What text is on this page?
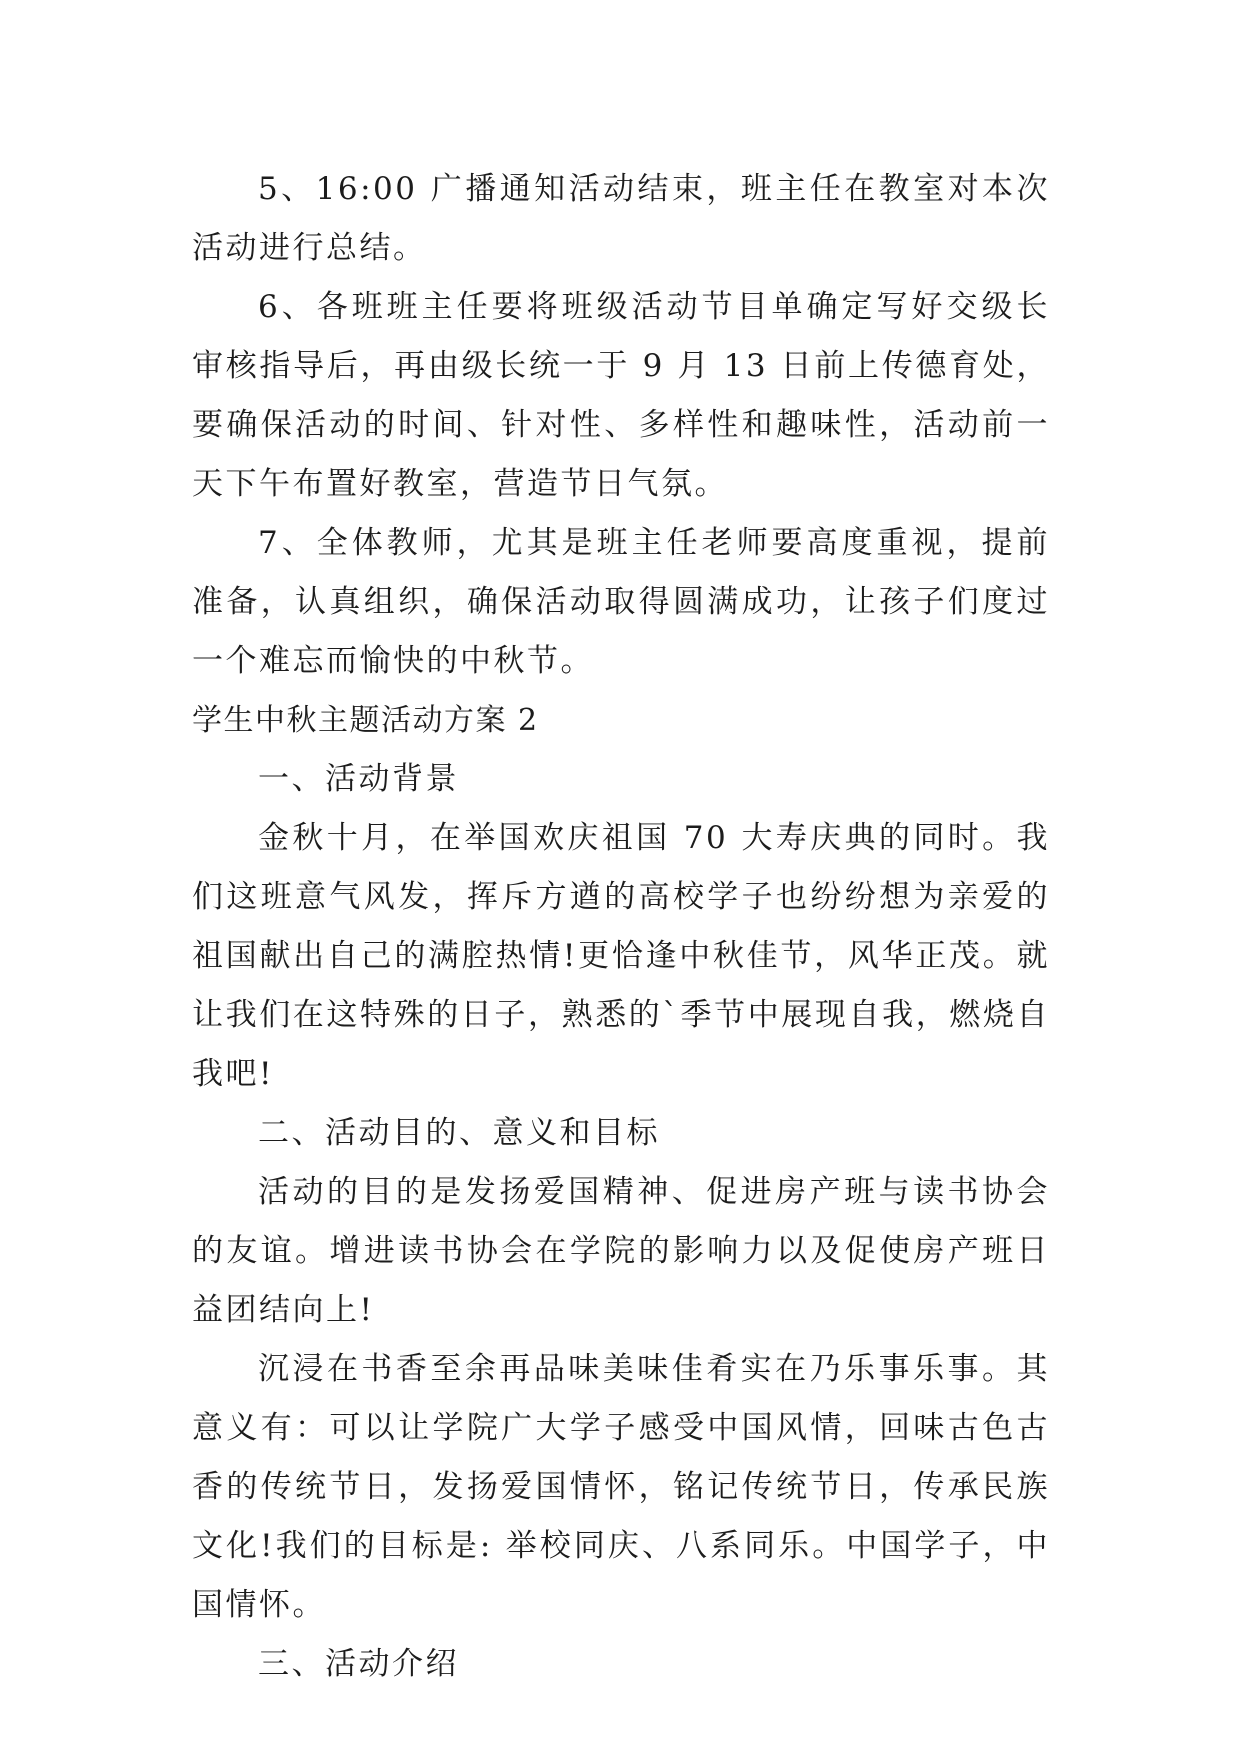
5、16:00 广播通知活动结束，班主任在教室对本次活动进行总结。

6、各班班主任要将班级活动节目单确定写好交级长审核指导后，再由级长统一于 9 月 13 日前上传德育处，要确保活动的时间、针对性、多样性和趣味性，活动前一天下午布置好教室，营造节日气氛。

7、全体教师，尤其是班主任老师要高度重视，提前准备，认真组织，确保活动取得圆满成功，让孩子们度过一个难忘而愉快的中秋节。

学生中秋主题活动方案 2

一、活动背景

金秋十月，在举国欢庆祖国 70 大寿庆典的同时。我们这班意气风发，挥斥方遒的高校学子也纷纷想为亲爱的祖国献出自己的满腔热情!更恰逢中秋佳节，风华正茂。就让我们在这特殊的日子，熟悉的`季节中展现自我，燃烧自我吧!

二、活动目的、意义和目标

活动的目的是发扬爱国精神、促进房产班与读书协会的友谊。增进读书协会在学院的影响力以及促使房产班日益团结向上!

沉浸在书香至余再品味美味佳肴实在乃乐事乐事。其意义有：可以让学院广大学子感受中国风情，回味古色古香的传统节日，发扬爱国情怀，铭记传统节日，传承民族文化!我们的目标是: 举校同庆、八系同乐。中国学子，中国情怀。

三、活动介绍
